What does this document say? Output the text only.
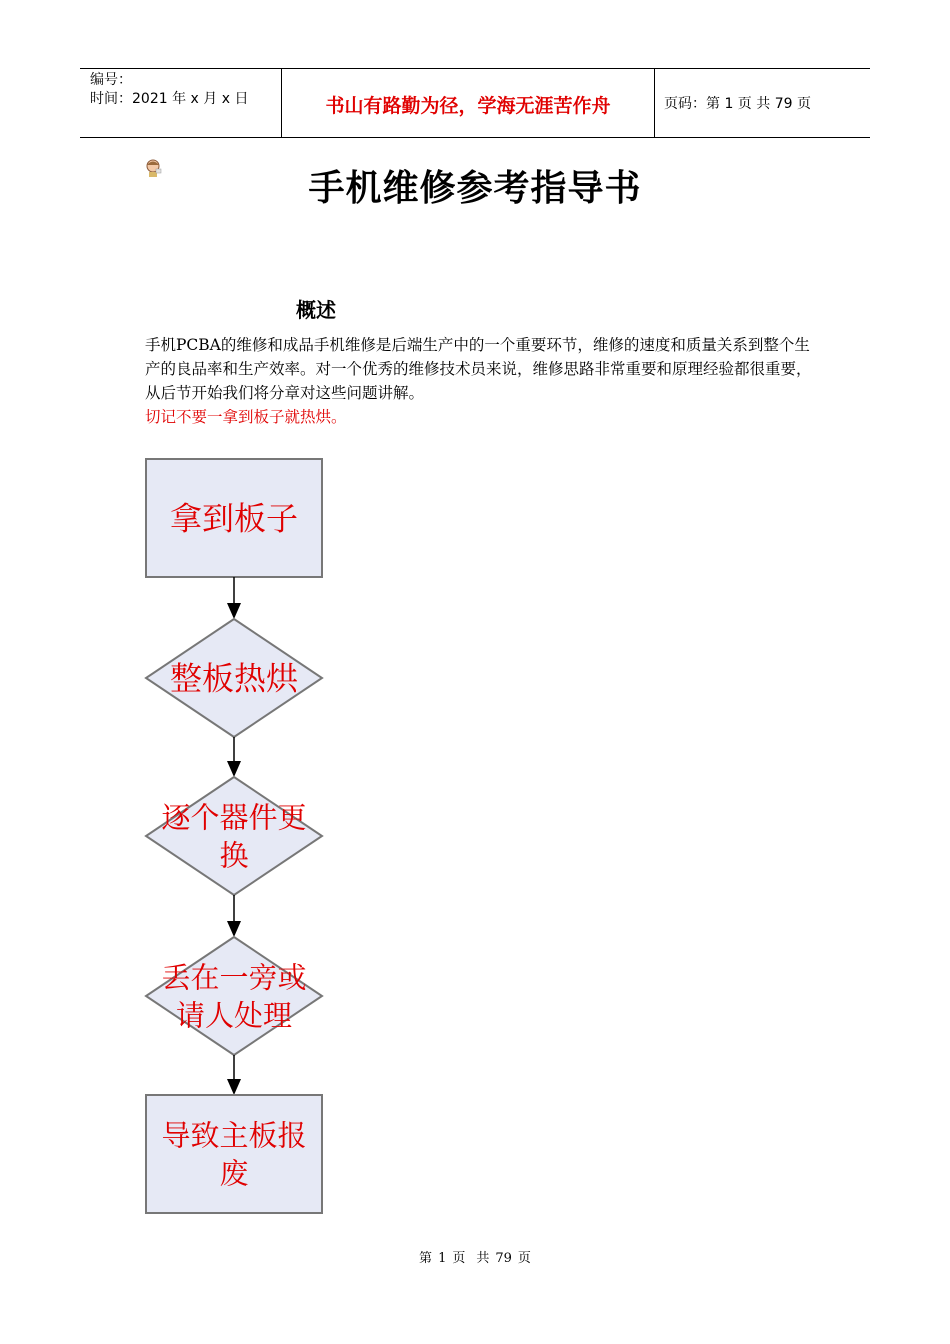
编号：
时间：2021 年 x 月 x 日	书山有路勤为径，学海无涯苦作舟	页码：第 1 页 共 79 页
手机维修参考指导书
概述
手机PCBA的维修和成品手机维修是后端生产中的一个重要环节，维修的速度和质量关系到整个生产的良品率和生产效率。对一个优秀的维修技术员来说，维修思路非常重要和原理经验都很重要，从后节开始我们将分章对这些问题讲解。
切记不要一拿到板子就热烘。
拿到板子
整板热烘
逐个器件更
换
丢在一旁或
请人处理
导致主板报
废
第 1 页 共 79 页
